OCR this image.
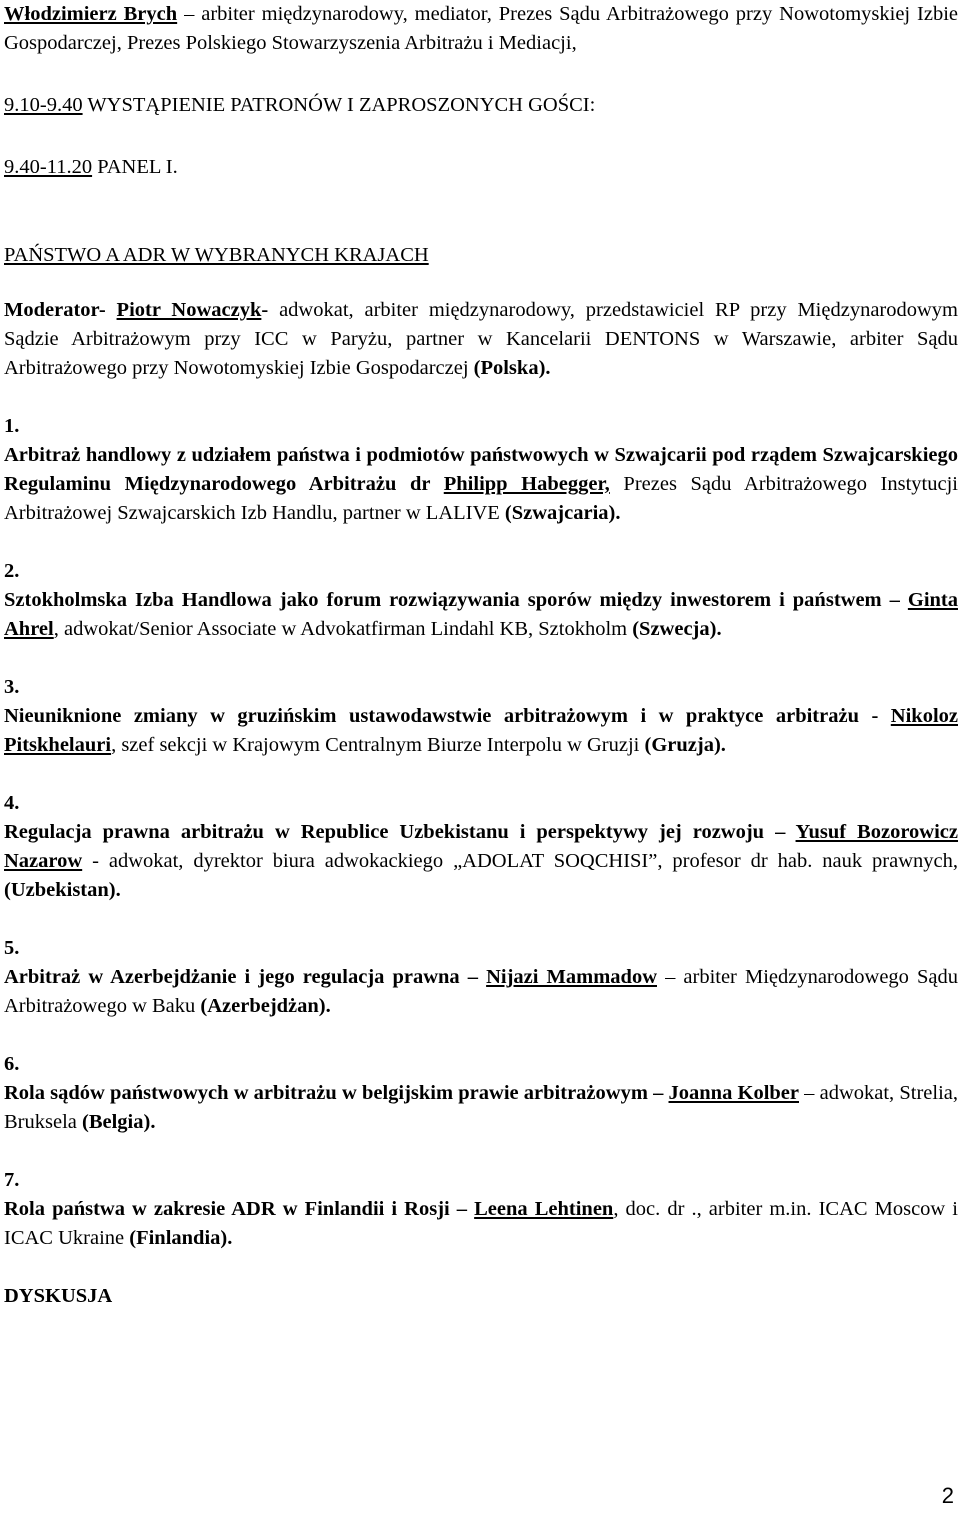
Włodzimierz Brych – arbiter międzynarodowy, mediator, Prezes Sądu Arbitrażowego przy Nowotomyskiej Izbie Gospodarczej, Prezes Polskiego Stowarzyszenia Arbitrażu i Mediacji,

9.10-9.40 WYSTĄPIENIE PATRONÓW I ZAPROSZONYCH GOŚCI:

9.40-11.20 PANEL I.

PAŃSTWO A ADR W WYBRANYCH KRAJACH

Moderator- Piotr Nowaczyk- adwokat, arbiter międzynarodowy, przedstawiciel RP przy Międzynarodowym Sądzie Arbitrażowym przy ICC w Paryżu, partner w Kancelarii DENTONS w Warszawie, arbiter Sądu Arbitrażowego przy Nowotomyskiej Izbie Gospodarczej (Polska).

1.

Arbitraż handlowy z udziałem państwa i podmiotów państwowych w Szwajcarii pod rządem Szwajcarskiego Regulaminu Międzynarodowego Arbitrażu dr Philipp Habegger, Prezes Sądu Arbitrażowego Instytucji Arbitrażowej Szwajcarskich Izb Handlu, partner w LALIVE (Szwajcaria).

2.

Sztokholmska Izba Handlowa jako forum rozwiązywania sporów między inwestorem i państwem – Ginta Ahrel, adwokat/Senior Associate w Advokatfirman Lindahl KB, Sztokholm (Szwecja).

3.

Nieuniknione zmiany w gruzińskim ustawodawstwie arbitrażowym i w praktyce arbitrażu - Nikoloz Pitskhelauri, szef sekcji w Krajowym Centralnym Biurze Interpolu w Gruzji (Gruzja).

4.

Regulacja prawna arbitrażu w Republice Uzbekistanu i perspektywy jej rozwoju – Yusuf Bozorowicz Nazarow - adwokat, dyrektor biura adwokackiego „ADOLAT SOQCHISI”, profesor dr hab. nauk prawnych, (Uzbekistan).

5.

Arbitraż w Azerbejdżanie i jego regulacja prawna – Nijazi Mammadow – arbiter Międzynarodowego Sądu Arbitrażowego w Baku (Azerbejdżan).

6.

Rola sądów państwowych w arbitrażu w belgijskim prawie arbitrażowym – Joanna Kolber – adwokat, Strelia, Bruksela (Belgia).

7.

Rola państwa w zakresie ADR w Finlandii i Rosji – Leena Lehtinen, doc. dr ., arbiter m.in. ICAC Moscow i ICAC Ukraine (Finlandia).

DYSKUSJA

2
